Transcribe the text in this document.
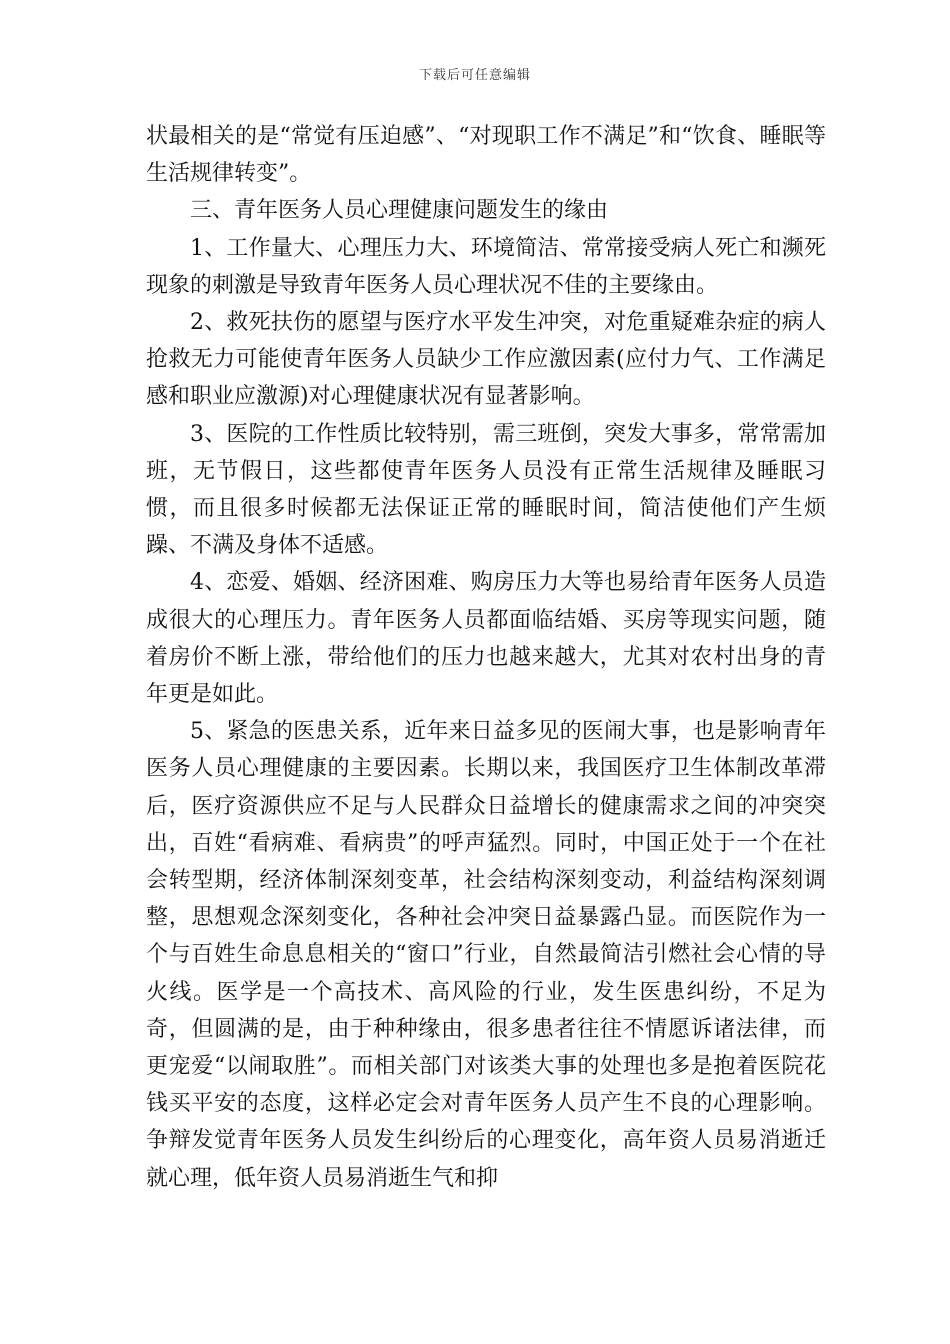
下载后可任意编辑

状最相关的是“常觉有压迫感”、“对现职工作不满足”和“饮食、睡眠等生活规律转变”。

三、青年医务人员心理健康问题发生的缘由

1、工作量大、心理压力大、环境简洁、常常接受病人死亡和濒死现象的刺激是导致青年医务人员心理状况不佳的主要缘由。

2、救死扶伤的愿望与医疗水平发生冲突，对危重疑难杂症的病人抢救无力可能使青年医务人员缺少工作应激因素(应付力气、工作满足感和职业应激源)对心理健康状况有显著影响。

3、医院的工作性质比较特别，需三班倒，突发大事多，常常需加班，无节假日，这些都使青年医务人员没有正常生活规律及睡眠习惯，而且很多时候都无法保证正常的睡眠时间，简洁使他们产生烦躁、不满及身体不适感。

4、恋爱、婚姻、经济困难、购房压力大等也易给青年医务人员造成很大的心理压力。青年医务人员都面临结婚、买房等现实问题，随着房价不断上涨，带给他们的压力也越来越大，尤其对农村出身的青年更是如此。

5、紧急的医患关系，近年来日益多见的医闹大事，也是影响青年医务人员心理健康的主要因素。长期以来，我国医疗卫生体制改革滞后，医疗资源供应不足与人民群众日益增长的健康需求之间的冲突突出，百姓“看病难、看病贵”的呼声猛烈。同时，中国正处于一个在社会转型期，经济体制深刻变革，社会结构深刻变动，利益结构深刻调整，思想观念深刻变化，各种社会冲突日益暴露凸显。而医院作为一个与百姓生命息息相关的“窗口”行业，自然最简洁引燃社会心情的导火线。医学是一个高技术、高风险的行业，发生医患纠纷，不足为奇，但圆满的是，由于种种缘由，很多患者往往不情愿诉诸法律，而更宠爱“以闹取胜”。而相关部门对该类大事的处理也多是抱着医院花钱买平安的态度，这样必定会对青年医务人员产生不良的心理影响。争辩发觉青年医务人员发生纠纷后的心理变化，高年资人员易消逝迁就心理，低年资人员易消逝生气和抑
